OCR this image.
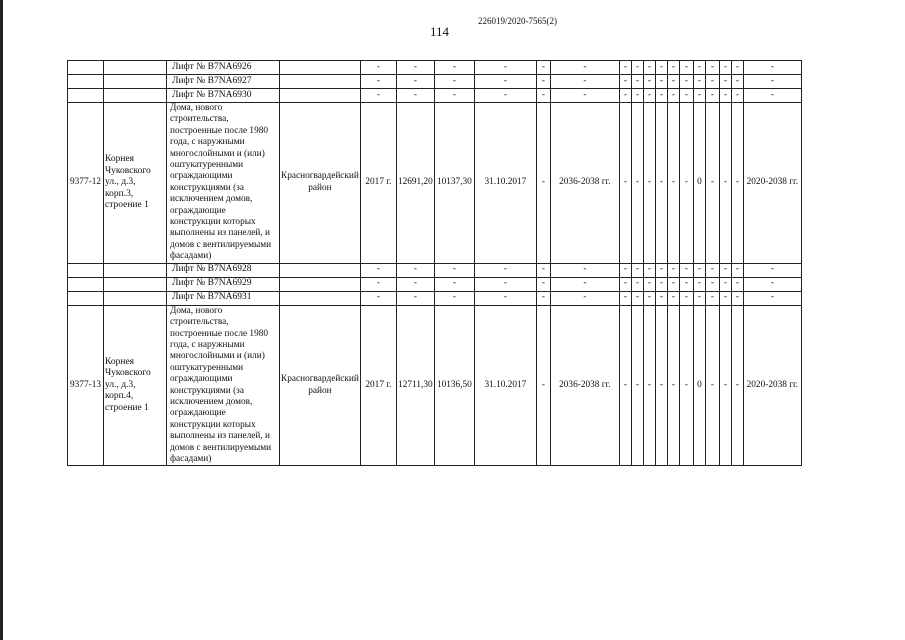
226019/2020-7565(2)
114
		Лифт № B7NA6926		-	-	-	-	-	-	-	-	-	-	-	-	-	-	-	-	-
		Лифт № B7NA6927		-	-	-	-	-	-	-	-	-	-	-	-	-	-	-	-	-
		Лифт № B7NA6930		-	-	-	-	-	-	-	-	-	-	-	-	-	-	-	-	-
9377-12	Корнея Чуковского ул., д.3, корп.3, строение 1	Дома, нового строительства, построенные после 1980 года, с наружными многослойными и (или) оштукатуренными ограждающими конструкциями (за исключением домов, ограждающие конструкции которых выполнены из панелей, и домов с вентилируемыми фасадами)	Красногвардейский район	2017 г.	12691,20	10137,30	31.10.2017	-	2036-2038 гг.	-	-	-	-	-	-	0	-	-	-	2020-2038 гг.
		Лифт № B7NA6928		-	-	-	-	-	-	-	-	-	-	-	-	-	-	-	-	-
		Лифт № B7NA6929		-	-	-	-	-	-	-	-	-	-	-	-	-	-	-	-	-
		Лифт № B7NA6931		-	-	-	-	-	-	-	-	-	-	-	-	-	-	-	-	-
9377-13	Корнея Чуковского ул., д.3, корп.4, строение 1	Дома, нового строительства, построенные после 1980 года, с наружными многослойными и (или) оштукатуренными ограждающими конструкциями (за исключением домов, ограждающие конструкции которых выполнены из панелей, и домов с вентилируемыми фасадами)	Красногвардейский район	2017 г.	12711,30	10136,50	31.10.2017	-	2036-2038 гг.	-	-	-	-	-	-	0	-	-	-	2020-2038 гг.
